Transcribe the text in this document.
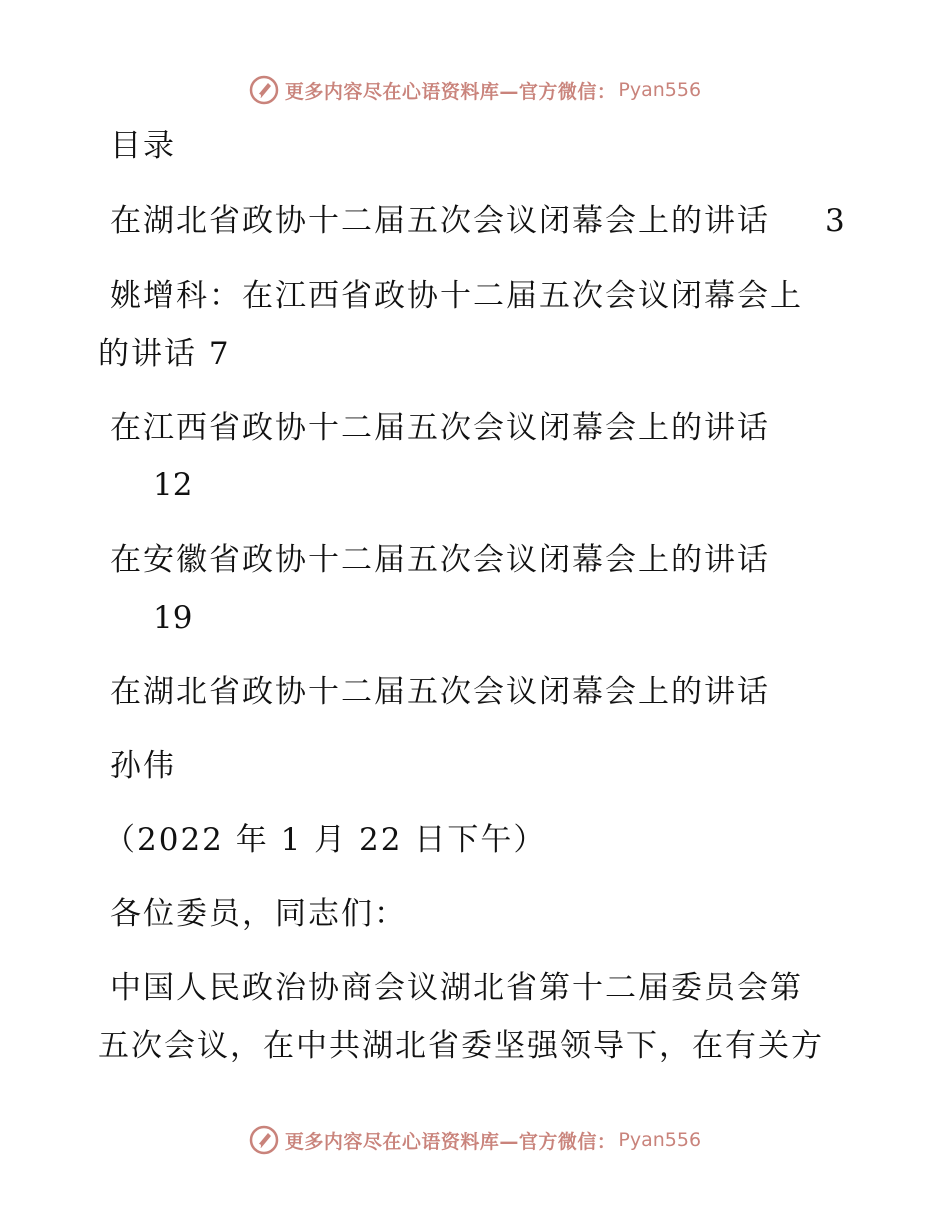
更多内容尽在心语资料库—官方微信： Pyan556
目录
在湖北省政协十二届五次会议闭幕会上的讲话 3
姚增科：在江西省政协十二届五次会议闭幕会上
的讲话 7
在江西省政协十二届五次会议闭幕会上的讲话
12
在安徽省政协十二届五次会议闭幕会上的讲话
19
在湖北省政协十二届五次会议闭幕会上的讲话
孙伟
（2022 年 1 月 22 日下午）
各位委员，同志们：
中国人民政治协商会议湖北省第十二届委员会第
五次会议，在中共湖北省委坚强领导下，在有关方
更多内容尽在心语资料库—官方微信： Pyan556
